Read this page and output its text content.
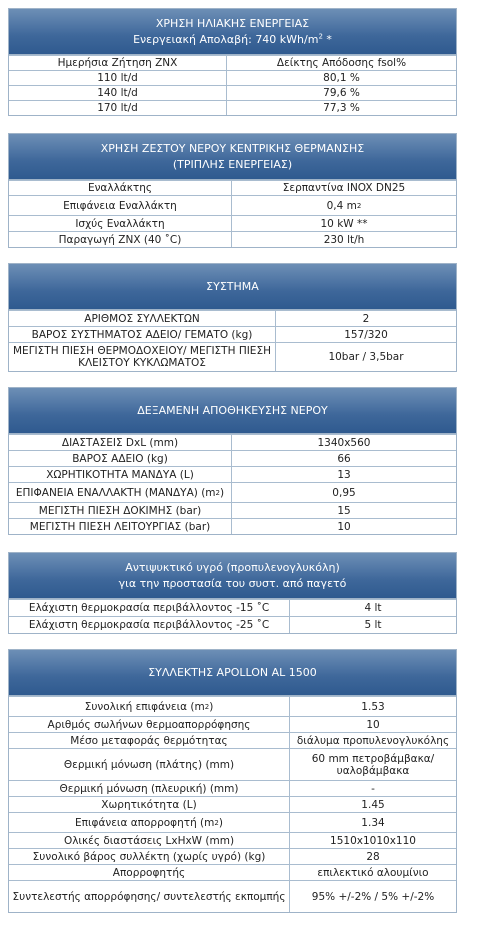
ΧΡΗΣΗ ΗΛΙΑΚΗΣ ΕΝΕΡΓΕΙΑΣ
Ενεργειακή Απολαβή: 740 kWh/$m^2$ *
Ημερήσια Ζήτηση ΖΝΧ	Δείκτης Απόδοσης fsol%
110 lt/d	80,1 %
140 lt/d	79,6 %
170 lt/d	77,3 %
ΧΡΗΣΗ ΖΕΣΤΟΥ ΝΕΡΟΥ ΚΕΝΤΡΙΚΗΣ ΘΕΡΜΑΝΣΗΣ
(ΤΡΙΠΛΗΣ ΕΝΕΡΓΕΙΑΣ)
Εναλλάκτης	Σερπαντίνα INOX DN25
Επιφάνεια Εναλλάκτη	0,4 m 2
Ισχύς Εναλλάκτη	10 kW **
Παραγωγή ΖΝΧ (40 ˚C)	230 lt/h
ΣΥΣΤΗΜΑ
ΑΡΙΘΜΟΣ ΣΥΛΛΕΚΤΩΝ	2
ΒΑΡΟΣ ΣΥΣΤΗΜΑΤΟΣ ΑΔΕΙΟ/ ΓΕΜΑΤΟ (kg)	157/320
ΜΕΓΙΣΤΗ ΠΙΕΣΗ ΘΕΡΜΟΔΟΧΕΙΟΥ/ ΜΕΓΙΣΤΗ ΠΙΕΣΗ ΚΛΕΙΣΤΟΥ ΚΥΚΛΩΜΑΤΟΣ	10bar / 3,5bar
ΔΕΞΑΜΕΝΗ ΑΠΟΘΗΚΕΥΣΗΣ ΝΕΡΟΥ
ΔΙΑΣΤΑΣΕΙΣ DxL (mm)	1340x560
ΒΑΡΟΣ ΑΔΕΙΟ (kg)	66
ΧΩΡΗΤΙΚΟΤΗΤΑ ΜΑΝΔΥΑ (L)	13
ΕΠΙΦΑΝΕΙΑ ΕΝΑΛΛΑΚΤΗ (ΜΑΝΔΥΑ) (m 2 )	0,95
ΜΕΓΙΣΤΗ ΠΙΕΣΗ ΔΟΚΙΜΗΣ (bar)	15
ΜΕΓΙΣΤΗ ΠΙΕΣΗ ΛΕΙΤΟΥΡΓΙΑΣ (bar)	10
Αντιψυκτικό υγρό (προπυλενογλυκόλη)
για την προστασία του συστ. από παγετό
Ελάχιστη θερμοκρασία περιβάλλοντος -15 ˚C	4 lt
Ελάχιστη θερμοκρασία περιβάλλοντος -25 ˚C	5 lt
ΣΥΛΛΕΚΤΗΣ APOLLON AL 1500
Συνολική επιφάνεια (m 2 )	1.53
Αριθμός σωλήνων θερμοαπορρόφησης	10
Μέσο μεταφοράς θερμότητας	διάλυμα προπυλενογλυκόλης
Θερμική μόνωση (πλάτης) (mm)	60 mm πετροβάμβακα/ υαλοβάμβακα
Θερμική μόνωση (πλευρική) (mm)	-
Χωρητικότητα (L)	1.45
Επιφάνεια απορροφητή (m 2 )	1.34
Ολικές διαστάσεις LxHxW (mm)	1510x1010x110
Συνολικό βάρος συλλέκτη (χωρίς υγρό) (kg)	28
Απορροφητής	επιλεκτικό αλουμίνιο
Συντελεστής απορρόφησης/ συντελεστής εκπομπής	95% +/-2% / 5% +/-2%
